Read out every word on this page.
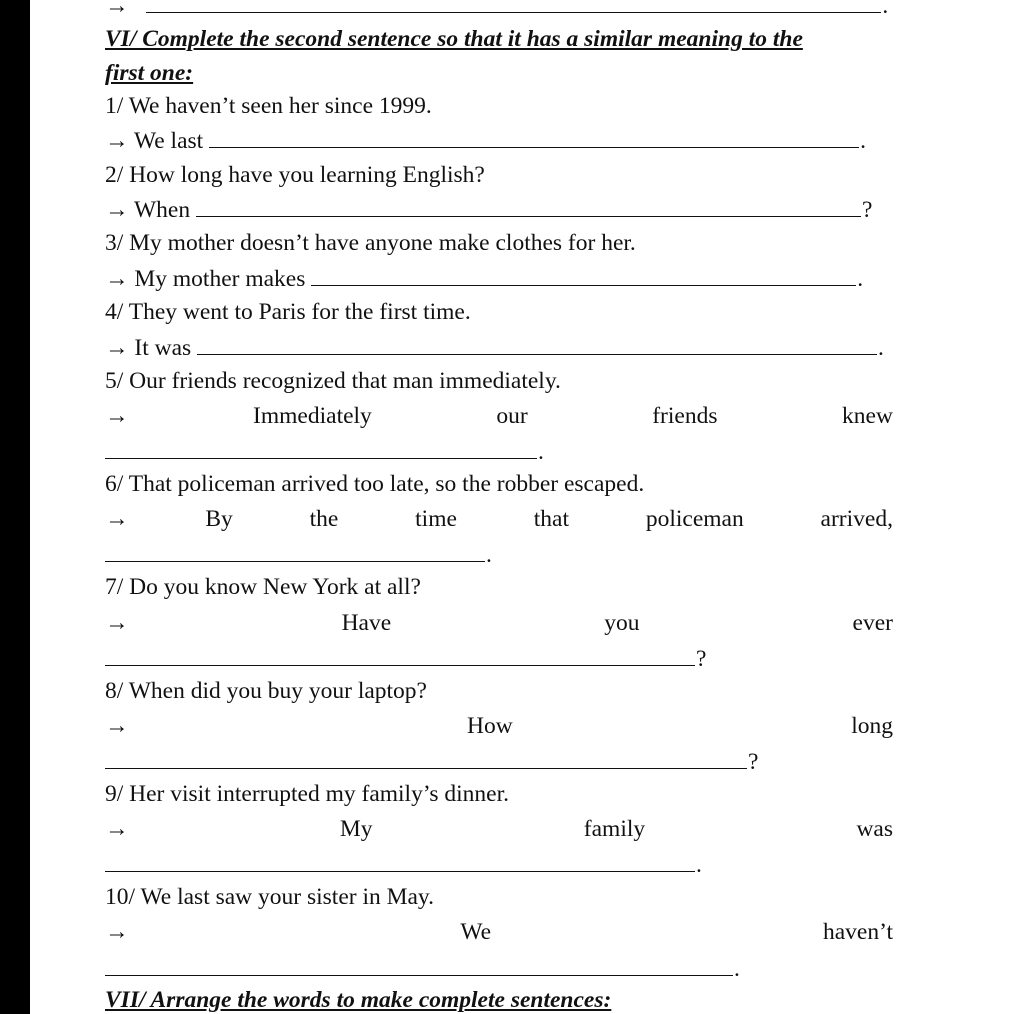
→	.
VI/ Complete the second sentence so that it has a similar meaning to the
first one:
1/ We haven’t seen her since 1999.
→ We last	.
2/ How long have you learning English?
→ When	?
3/ My mother doesn’t have anyone make clothes for her.
→ My mother makes	.
4/ They went to Paris for the first time.
→ It was	.
5/ Our friends recognized that man immediately.
→	Immediately	our	friends	knew
.
6/ That policeman arrived too late, so the robber escaped.
→	By	the	time	that	policeman	arrived,
.
7/ Do you know New York at all?
→	Have	you	ever
?
8/ When did you buy your laptop?
→	How	long
?
9/ Her visit interrupted my family’s dinner.
→	My	family	was
.
10/ We last saw your sister in May.
→	We	haven’t
.
VII/ Arrange the words to make complete sentences:
